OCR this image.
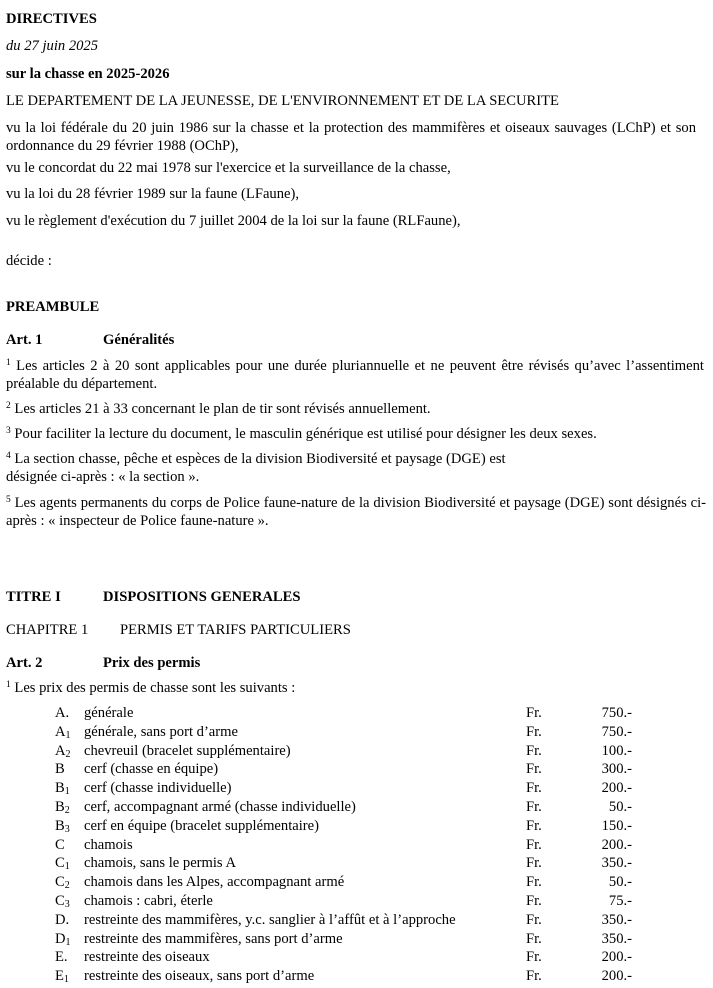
DIRECTIVES
du 27 juin 2025
sur la chasse en 2025-2026
LE DEPARTEMENT DE LA JEUNESSE, DE L'ENVIRONNEMENT ET DE LA SECURITE
vu la loi fédérale du 20 juin 1986 sur la chasse et la protection des mammifères et oiseaux sauvages (LChP) et son ordonnance du 29 février 1988 (OChP),
vu le concordat du 22 mai 1978 sur l'exercice et la surveillance de la chasse,
vu la loi du 28 février 1989 sur la faune (LFaune),
vu le règlement d'exécution du 7 juillet 2004 de la loi sur la faune (RLFaune),
décide :
PREAMBULE
Art. 1	Généralités
$^1$ Les articles 2 à 20 sont applicables pour une durée pluriannuelle et ne peuvent être révisés qu’avec l’assentiment préalable du département.
$^2$ Les articles 21 à 33 concernant le plan de tir sont révisés annuellement.
$^3$ Pour faciliter la lecture du document, le masculin générique est utilisé pour désigner les deux sexes.
$^4$ La section chasse, pêche et espèces de la division Biodiversité et paysage (DGE) est désignée ci-après : « la section ».
$^5$ Les agents permanents du corps de Police faune-nature de la division Biodiversité et paysage (DGE) sont désignés ci-après : « inspecteur de Police faune-nature ».
TITRE I	DISPOSITIONS GENERALES
CHAPITRE 1 PERMIS ET TARIFS PARTICULIERS
Art. 2	Prix des permis
$^1$ Les prix des permis de chasse sont les suivants :
A. générale	Fr.	750.-
$A_1$ générale, sans port d’arme	Fr.	750.-
$A_2$ chevreuil (bracelet supplémentaire)	Fr.	100.-
B cerf (chasse en équipe)	Fr.	300.-
$B_1$ cerf (chasse individuelle)	Fr.	200.-
$B_2$ cerf, accompagnant armé (chasse individuelle)	Fr.	50.-
$B_3$ cerf en équipe (bracelet supplémentaire)	Fr.	150.-
C chamois	Fr.	200.-
$C_1$ chamois, sans le permis A	Fr.	350.-
$C_2$ chamois dans les Alpes, accompagnant armé	Fr.	50.-
$C_3$ chamois : cabri, éterle	Fr.	75.-
D. restreinte des mammifères, y.c. sanglier à l’affût et à l’approche	Fr.	350.-
$D_1$ restreinte des mammifères, sans port d’arme	Fr.	350.-
E. restreinte des oiseaux	Fr.	200.-
$E_1$ restreinte des oiseaux, sans port d’arme	Fr.	200.-
